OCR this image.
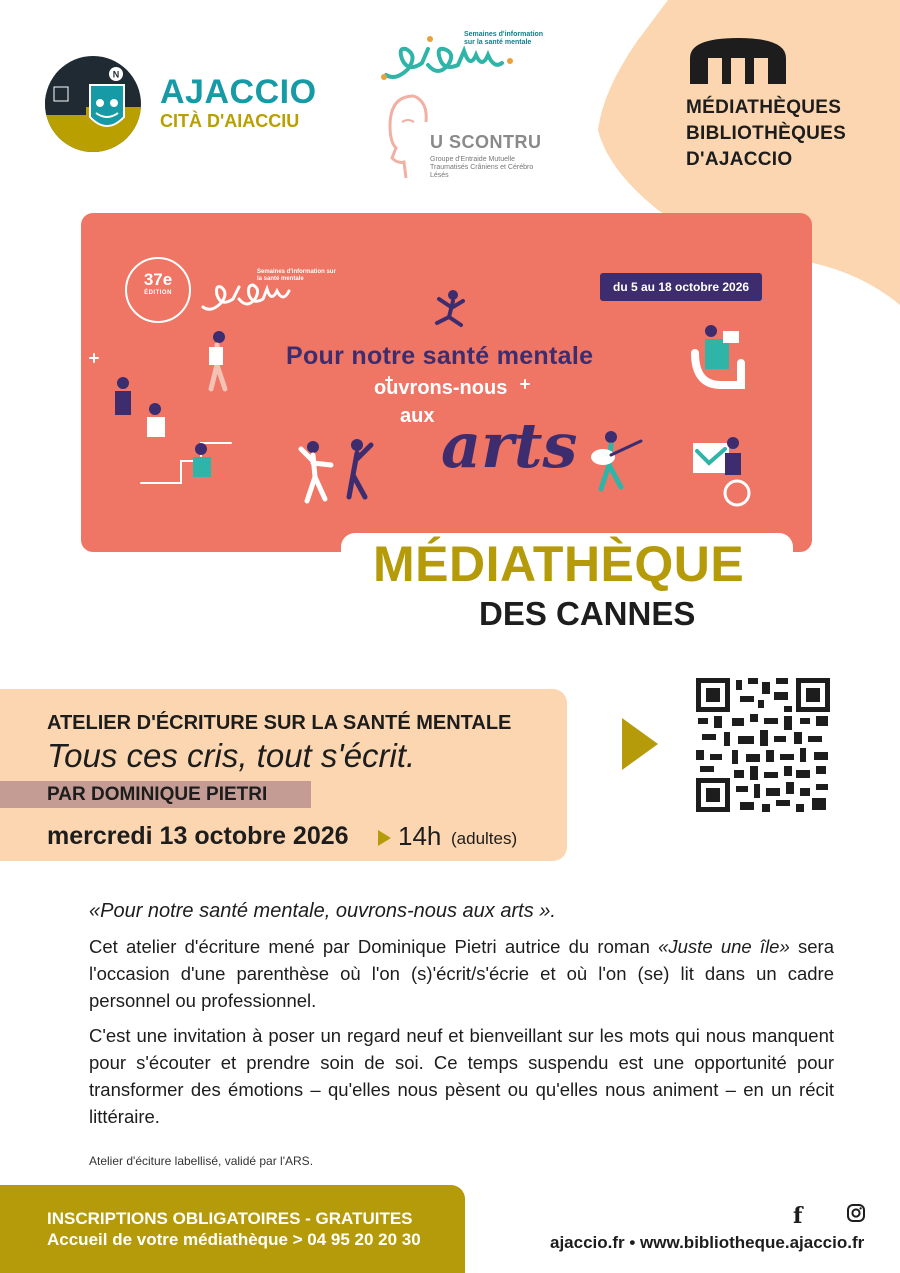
N AJACCIO
CITÀ D'AIACCIU
Semaines d'information sur la santé mentale
U SCONTRU
Groupe d'Entraide Mutuelle Traumatisés Crâniens et Cérébro Lésés
MÉDIATHÈQUES
BIBLIOTHÈQUES
D'AJACCIO
37e
ÉDITION
Semaines d'information sur la santé mentale
du 5 au 18 octobre 2026
Pour notre santé mentale
ouvrons-nous
aux arts
MÉDIATHÈQUE
DES CANNES
ATELIER D'ÉCRITURE SUR LA SANTÉ MENTALE
Tous ces cris, tout s'écrit.
PAR DOMINIQUE PIETRI
mercredi 13 octobre 2026 14h (adultes)

«Pour notre santé mentale, ouvrons-nous aux arts ».

Cet atelier d'écriture mené par Dominique Pietri autrice du roman «Juste une île» sera l'occasion d'une parenthèse où l'on (s)'écrit/s'écrie et où l'on (se) lit dans un cadre personnel ou professionnel.

C'est une invitation à poser un regard neuf et bienveillant sur les mots qui nous manquent pour s'écouter et prendre soin de soi. Ce temps suspendu est une opportunité pour transformer des émotions – qu'elles nous pèsent ou qu'elles nous animent – en un récit littéraire.

Atelier d'éciture labellisé, validé par l'ARS.
INSCRIPTIONS OBLIGATOIRES - GRATUITES
Accueil de votre médiathèque > 04 95 20 20 30
f
ajaccio.fr • www.bibliotheque.ajaccio.fr
